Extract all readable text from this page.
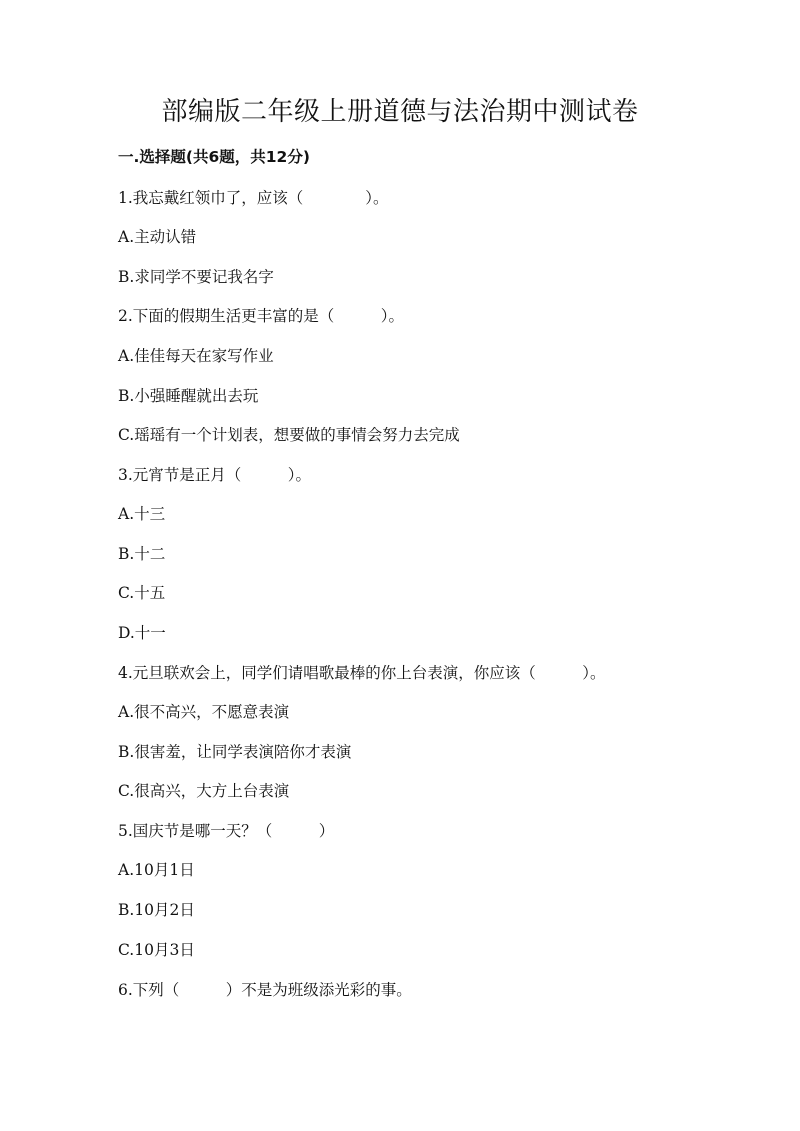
部编版二年级上册道德与法治期中测试卷
一.选择题(共6题，共12分)
1.我忘戴红领巾了，应该（　　　　）。
A.主动认错
B.求同学不要记我名字
2.下面的假期生活更丰富的是（　　　）。
A.佳佳每天在家写作业
B.小强睡醒就出去玩
C.瑶瑶有一个计划表，想要做的事情会努力去完成
3.元宵节是正月（　　　）。
A.十三
B.十二
C.十五
D.十一
4.元旦联欢会上，同学们请唱歌最棒的你上台表演，你应该（　　　）。
A.很不高兴，不愿意表演
B.很害羞，让同学表演陪你才表演
C.很高兴，大方上台表演
5.国庆节是哪一天？（　　　）
A.10月1日
B.10月2日
C.10月3日
6.下列（　　　）不是为班级添光彩的事。
